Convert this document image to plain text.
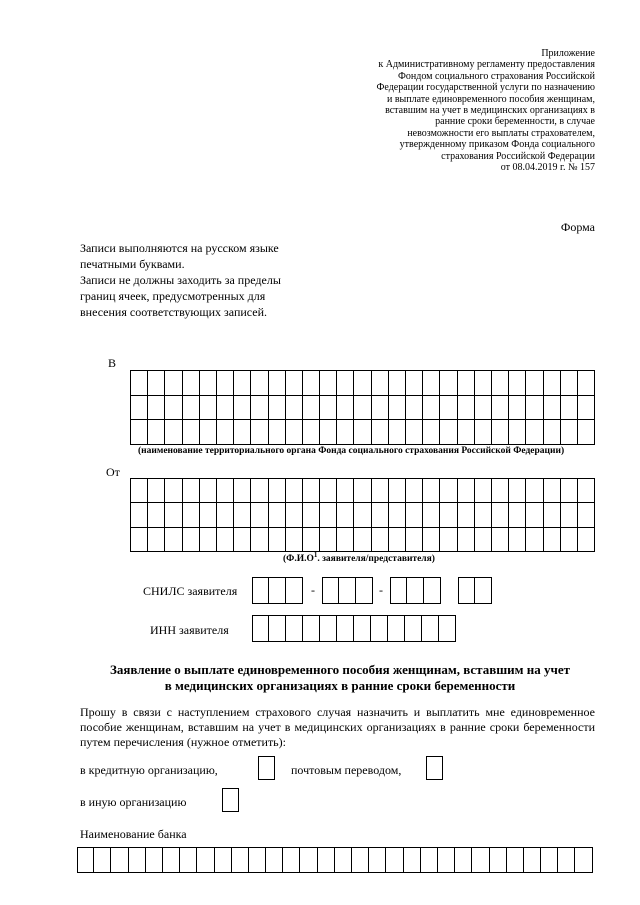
Приложение
к Административному регламенту предоставления
Фондом социального страхования Российской
Федерации государственной услуги по назначению
и выплате единовременного пособия женщинам,
вставшим на учет в медицинских организациях в
ранние сроки беременности, в случае
невозможности его выплаты страхователем,
утвержденному приказом Фонда социального
страхования Российской Федерации
от 08.04.2019 г. № 157
Форма
Записи выполняются на русском языке печатными буквами.
Записи не должны заходить за пределы границ ячеек, предусмотренных для внесения соответствующих записей.
В

(наименование территориального органа Фонда социального страхования Российской Федерации)
От

($Ф.И.О^1$. заявителя/представителя)
СНИЛС заявителя	-	-
ИНН заявителя
Заявление о выплате единовременного пособия женщинам, вставшим на учет
в медицинских организациях в ранние сроки беременности
Прошу в связи с наступлением страхового случая назначить и выплатить мне единовременное пособие женщинам, вставшим на учет в медицинских организациях в ранние сроки беременности путем перечисления (нужное отметить):
в кредитную организацию,	почтовым переводом,
в иную организацию
Наименование банка
